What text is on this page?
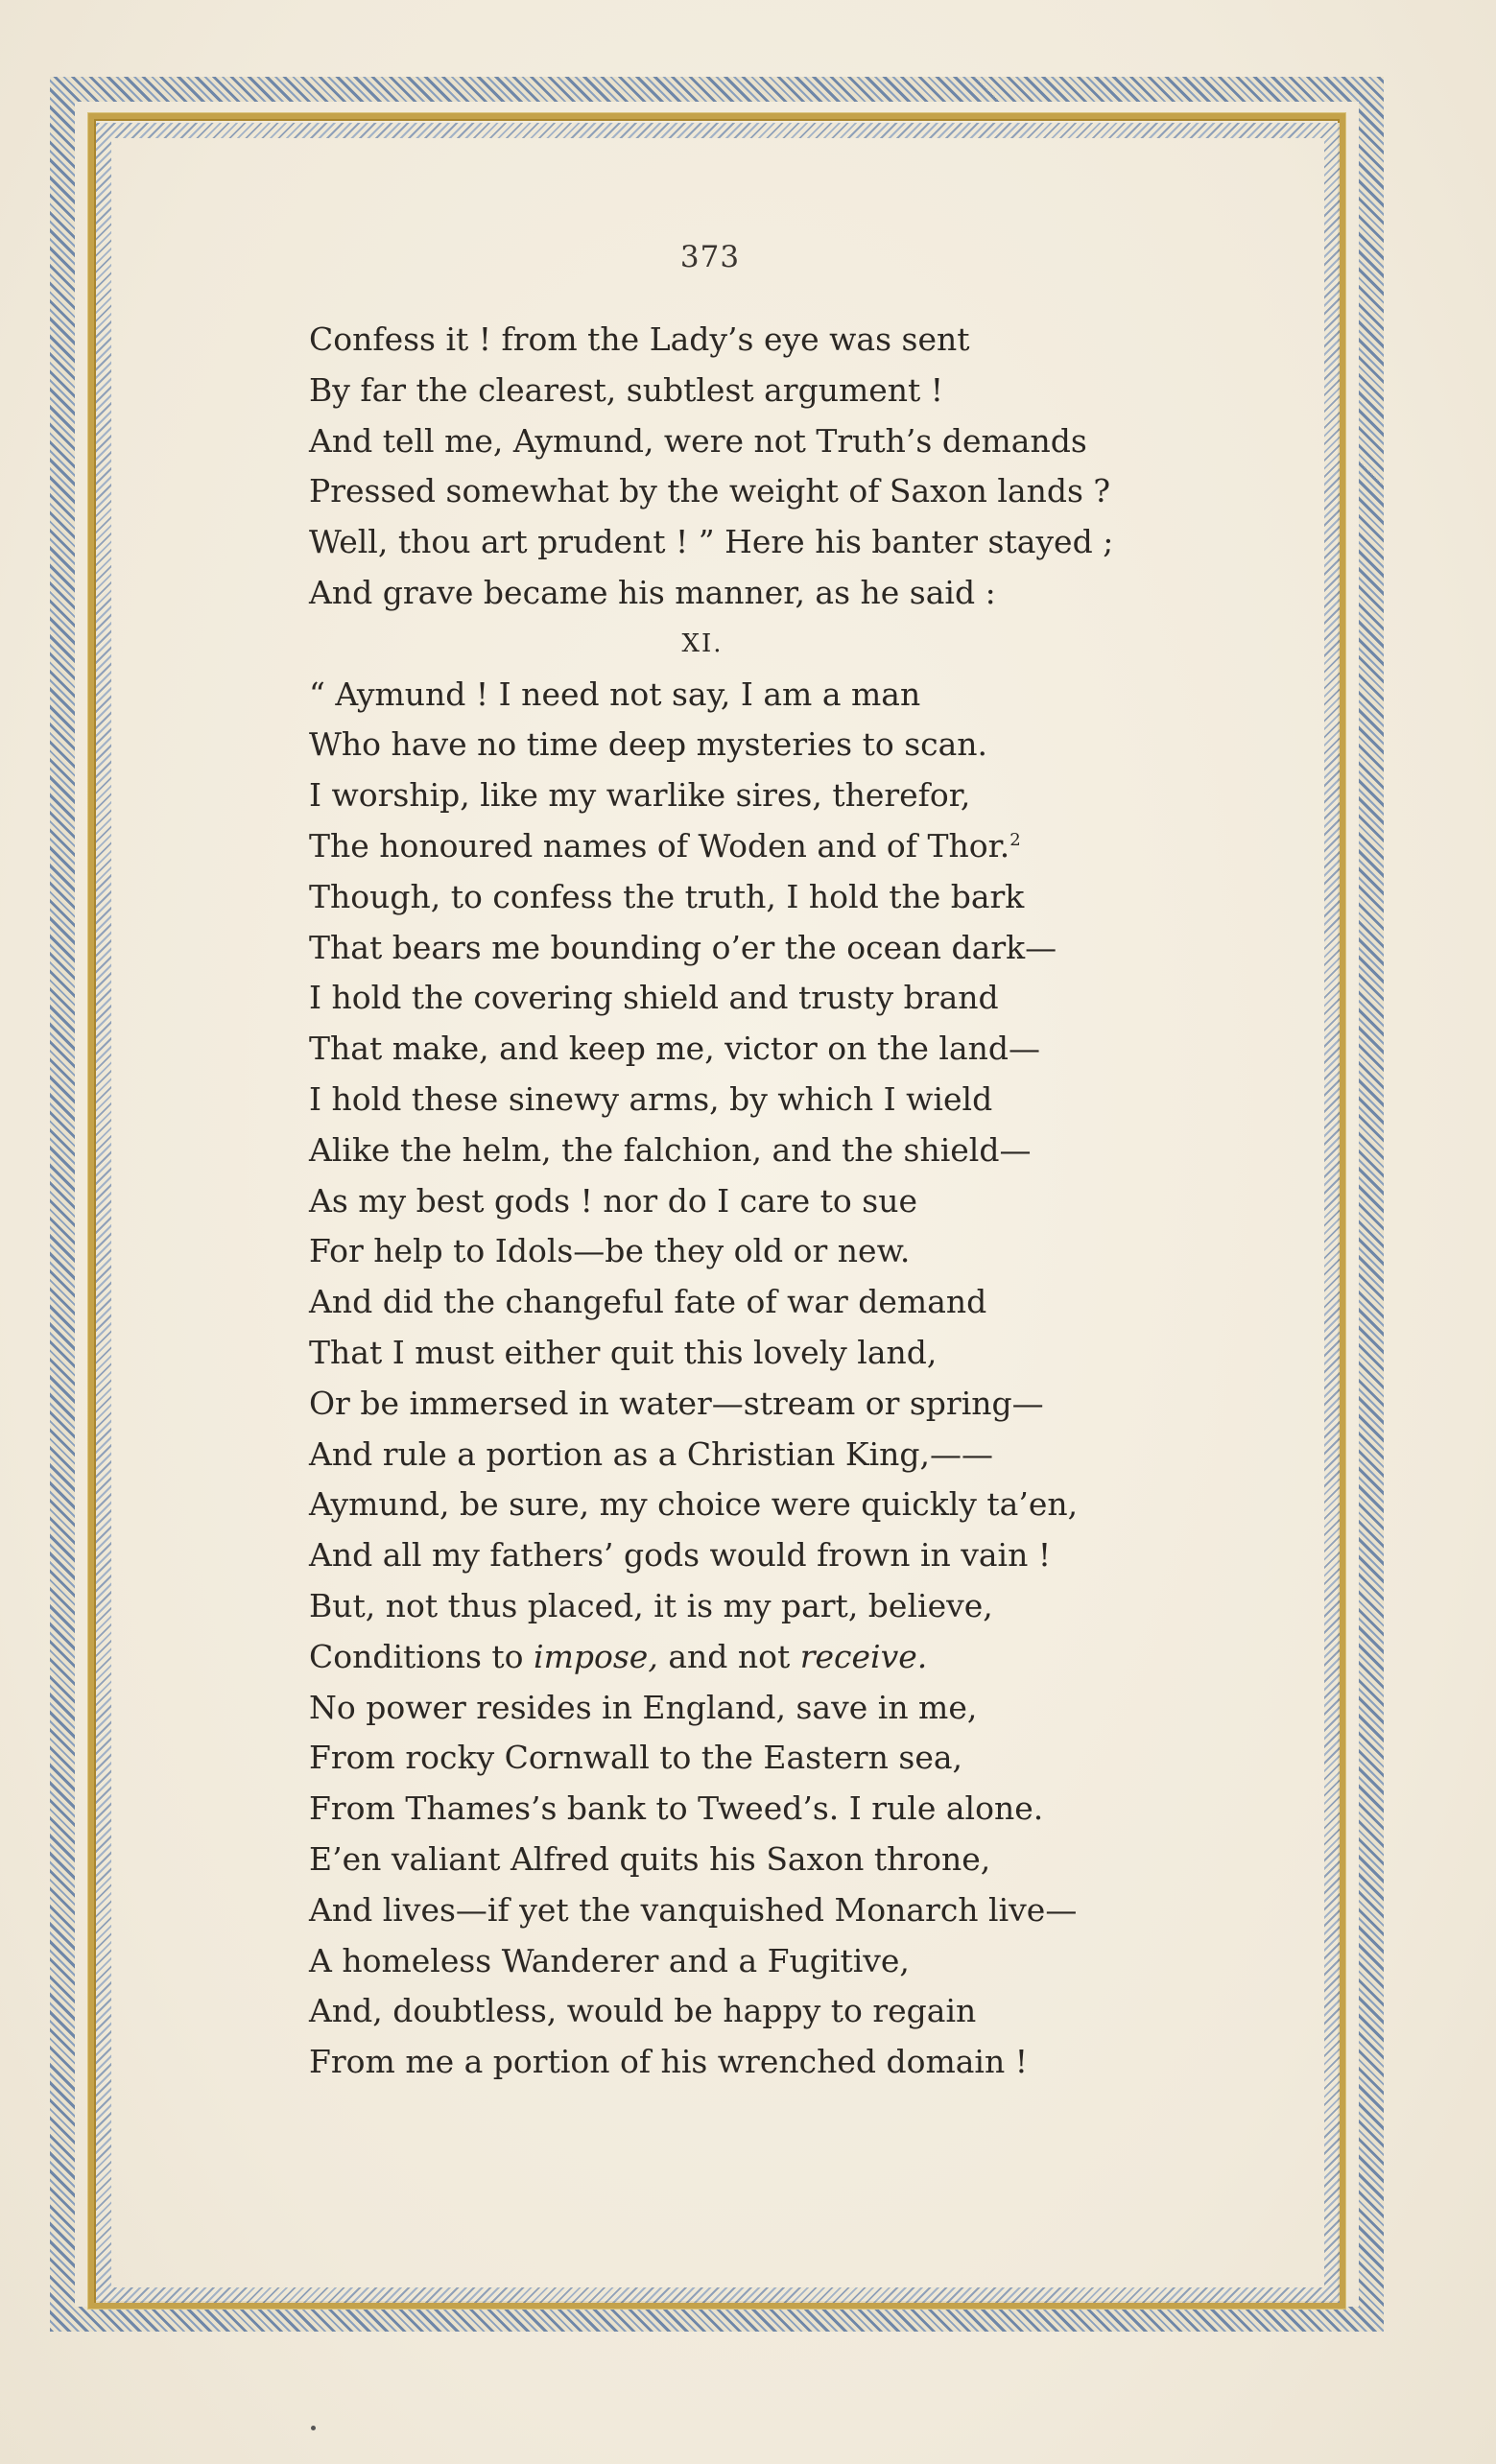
373
Confess it ! from the Lady’s eye was sent
By far the clearest, subtlest argument !
And tell me, Aymund, were not Truth’s demands
Pressed somewhat by the weight of Saxon lands ?
Well, thou art prudent ! ” Here his banter stayed ;
And grave became his manner, as he said :
XI.
“ Aymund ! I need not say, I am a man
Who have no time deep mysteries to scan.
I worship, like my warlike sires, therefor,
The honoured names of Woden and of Thor.$^2$
Though, to confess the truth, I hold the bark
That bears me bounding o’er the ocean dark—
I hold the covering shield and trusty brand
That make, and keep me, victor on the land—
I hold these sinewy arms, by which I wield
Alike the helm, the falchion, and the shield—
As my best gods ! nor do I care to sue
For help to Idols—be they old or new.
And did the changeful fate of war demand
That I must either quit this lovely land,
Or be immersed in water—stream or spring—
And rule a portion as a Christian King,——
Aymund, be sure, my choice were quickly ta’en,
And all my fathers’ gods would frown in vain !
But, not thus placed, it is my part, believe,
Conditions to impose, and not receive.
No power resides in England, save in me,
From rocky Cornwall to the Eastern sea,
From Thames’s bank to Tweed’s. I rule alone.
E’en valiant Alfred quits his Saxon throne,
And lives—if yet the vanquished Monarch live—
A homeless Wanderer and a Fugitive,
And, doubtless, would be happy to regain
From me a portion of his wrenched domain !
